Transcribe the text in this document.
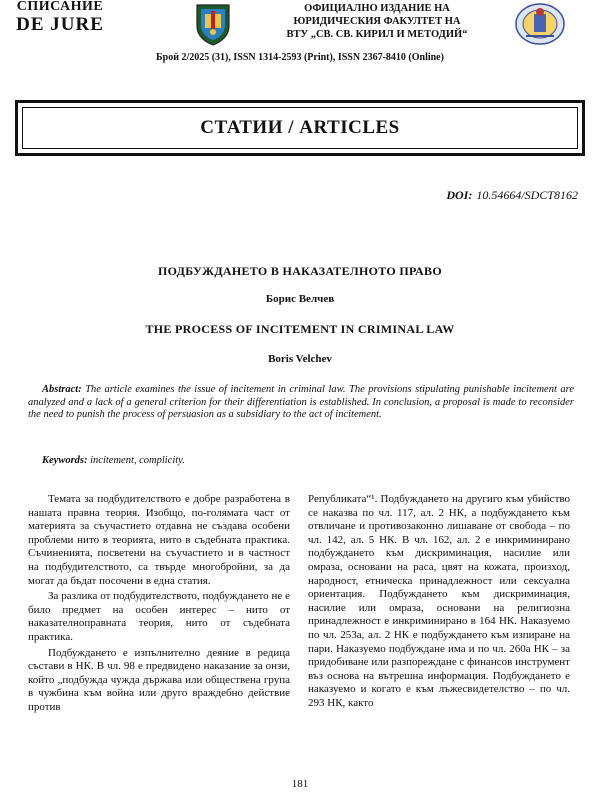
СПИСАНИЕ
DE JURE
ОФИЦИАЛНО ИЗДАНИЕ НА
ЮРИДИЧЕСКИЯ ФАКУЛТЕТ НА
ВТУ „СВ. СВ. КИРИЛ И МЕТОДИЙ“
Брой 2/2025 (31), ISSN 1314-2593 (Print), ISSN 2367-8410 (Online)
СТАТИИ / ARTICLES
DOI: 10.54664/SDCT8162
ПОДБУЖДАНЕТО В НАКАЗАТЕЛНОТО ПРАВО
Борис Велчев
THE PROCESS OF INCITEMENT IN CRIMINAL LAW
Boris Velchev
Abstract: The article examines the issue of incitement in criminal law. The provisions stipulating punishable incitement are analyzed and a lack of a general criterion for their differentiation is established. In conclusion, a proposal is made to reconsider the need to punish the process of persuasion as a subsidiary to the act of incitement.
Keywords: incitement, complicity.

Темата за подбудителството е добре разработена в нашата правна теория. Изобщо, по-голямата част от материята за съучастието отдавна не създава особени проблеми нито в теорията, нито в съдебната практика. Съчиненията, посветени на съучастието и в частност на подбудителството, са твърде многобройни, за да могат да бъдат посочени в една статия.

За разлика от подбудителството, подбуждането не е било предмет на особен интерес – нито от наказателноправната теория, нито от съдебната практика.

Подбуждането е изпълнително деяние в редица състави в НК. В чл. 98 е предвидено наказание за онзи, който „подбужда чужда държава или обществена група в чужбина към война или друго враждебно действие против

Републиката“¹. Подбуждането на другиго към убийство се наказва по чл. 117, ал. 2 НК, а подбуждането към отвличане и противозаконно лишаване от свобода – по чл. 142, ал. 5 НК. В чл. 162, ал. 2 е инкриминирано подбуждането към дискриминация, насилие или омраза, основани на раса, цвят на кожата, произход, народност, етническа принадлежност или сексуална ориентация. Подбуждането към дискриминация, насилие или омраза, основани на религиозна принадлежност е инкриминирано в 164 НК. Наказуемо по чл. 253а, ал. 2 НК е подбуждането към изпиране на пари. Наказуемо подбуждане има и по чл. 260а НК – за придобиване или разпореждане с финансов инструмент въз основа на вътрешна информация. Подбуждането е наказуемо и когато е към лъжесвидетелство – по чл. 293 НК, както

181
